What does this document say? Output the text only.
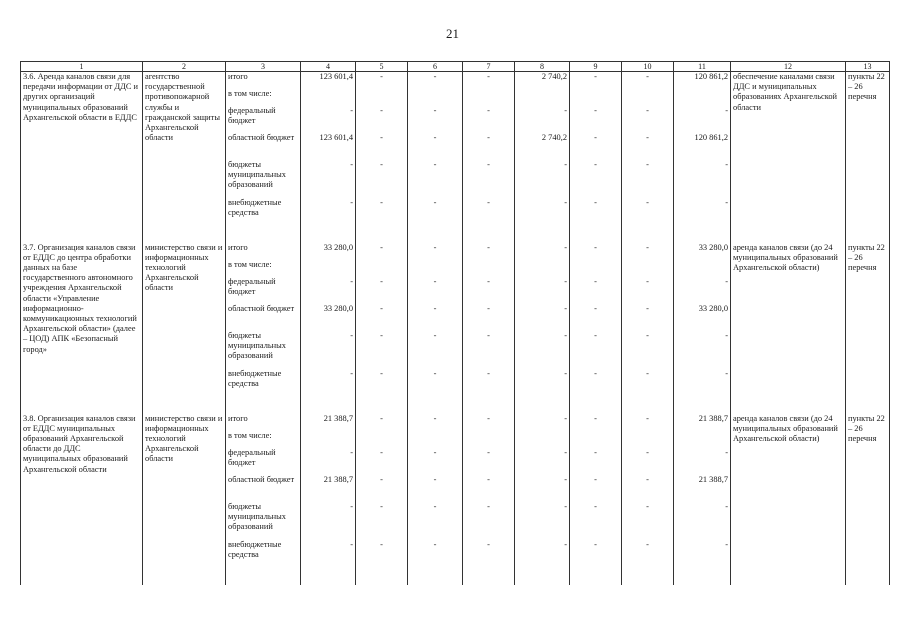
21
1	2	3	4	5	6	7	8	9	10	11	12	13
3.6. Аренда каналов связи для передачи информации от ДДС и других организаций муниципальных образований Архангельской области в ЕДДС	агентство государственной противопожарной службы и гражданской защиты Архангельской области	итого	123 601,4	-	-	-	2 740,2	-	-	120 861,2	обеспечение каналами связи ДДС и муниципальных образованиях Архангельской области	пункты 22 – 26 перечня
		в том числе:										
		федеральный бюджет	-	-	-	-	-	-	-	-		
		областной бюджет	123 601,4	-	-	-	2 740,2	-	-	120 861,2		
		бюджеты муниципальных образований	-	-	-	-	-	-	-	-		
		внебюджетные средства	-	-	-	-	-	-	-	-		
3.7. Организация каналов связи от ЕДДС до центра обработки данных на базе государственного автономного учреждения Архангельской области «Управление информационно-коммуникационных технологий Архангельской области» (далее – ЦОД) АПК «Безопасный город»	министерство связи и информационных технологий Архангельской области	итого	33 280,0	-	-	-	-	-	-	33 280,0	аренда каналов связи (до 24 муниципальных образований Архангельской области)	пункты 22 – 26 перечня
		в том числе:										
		федеральный бюджет	-	-	-	-	-	-	-	-		
		областной бюджет	33 280,0	-	-	-	-	-	-	33 280,0		
		бюджеты муниципальных образований	-	-	-	-	-	-	-	-		
		внебюджетные средства	-	-	-	-	-	-	-	-		
3.8. Организация каналов связи от ЕДДС муниципальных образований Архангельской области до ДДС муниципальных образований Архангельской области	министерство связи и информационных технологий Архангельской области	итого	21 388,7	-	-	-	-	-	-	21 388,7	аренда каналов связи (до 24 муниципальных образований Архангельской области)	пункты 22 – 26 перечня
		в том числе:										
		федеральный бюджет	-	-	-	-	-	-	-	-		
		областной бюджет	21 388,7	-	-	-	-	-	-	21 388,7		
		бюджеты муниципальных образований	-	-	-	-	-	-	-	-		
		внебюджетные средства	-	-	-	-	-	-	-	-		
